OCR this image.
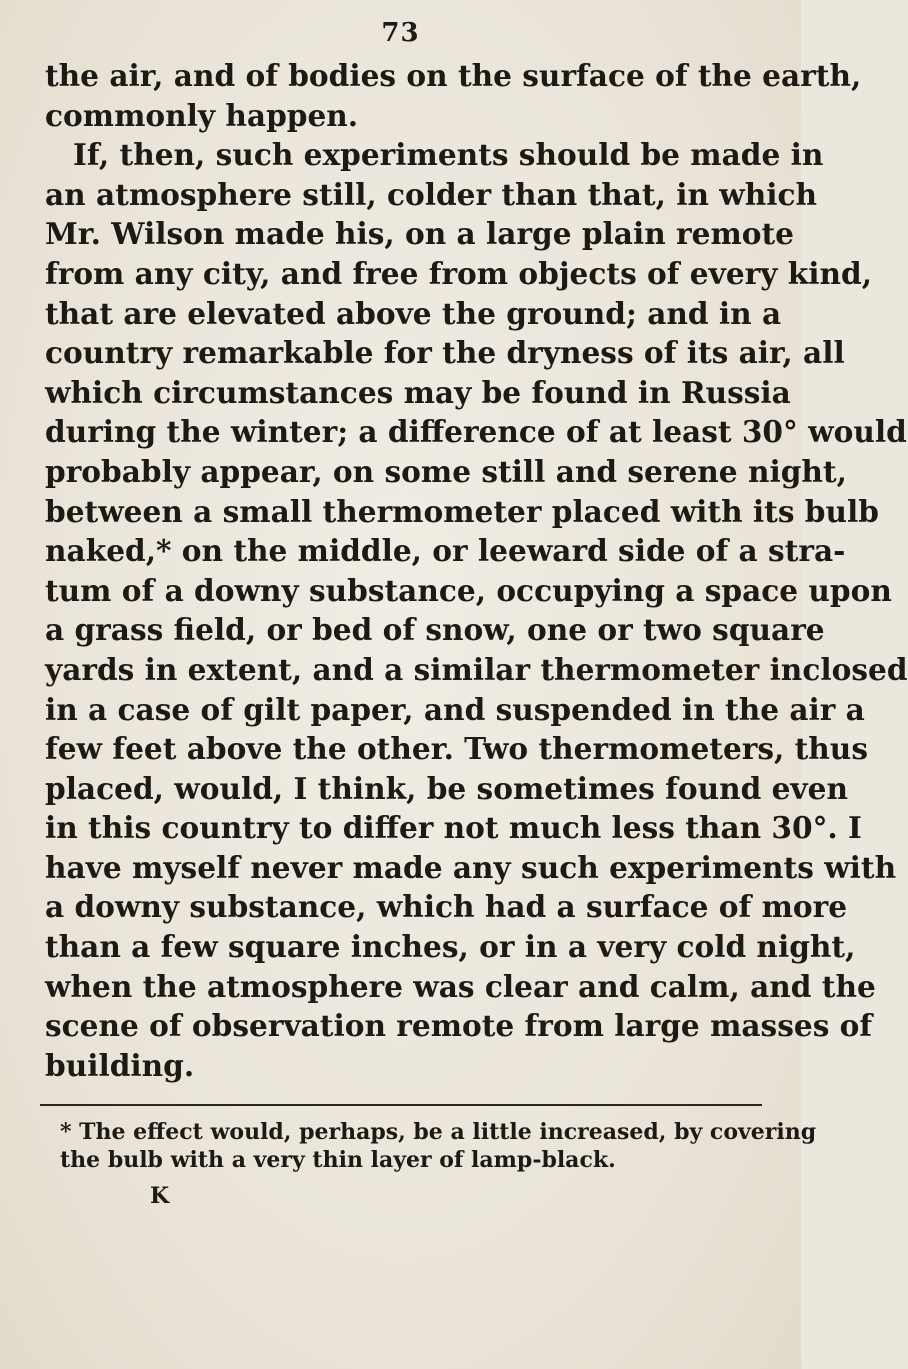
73
the air, and of bodies on the surface of the earth,
commonly happen.
If, then, such experiments should be made in
an atmosphere still, colder than that, in which
Mr. Wilson made his, on a large plain remote
from any city, and free from objects of every kind,
that are elevated above the ground; and in a
country remarkable for the dryness of its air, all
which circumstances may be found in Russia
during the winter; a difference of at least 30° would
probably appear, on some still and serene night,
between a small thermometer placed with its bulb
naked,* on the middle, or leeward side of a stra-
tum of a downy substance, occupying a space upon
a grass field, or bed of snow, one or two square
yards in extent, and a similar thermometer inclosed
in a case of gilt paper, and suspended in the air a
few feet above the other. Two thermometers, thus
placed, would, I think, be sometimes found even
in this country to differ not much less than 30°. I
have myself never made any such experiments with
a downy substance, which had a surface of more
than a few square inches, or in a very cold night,
when the atmosphere was clear and calm, and the
scene of observation remote from large masses of
building.
* The effect would, perhaps, be a little increased, by covering
the bulb with a very thin layer of lamp-black.
K
